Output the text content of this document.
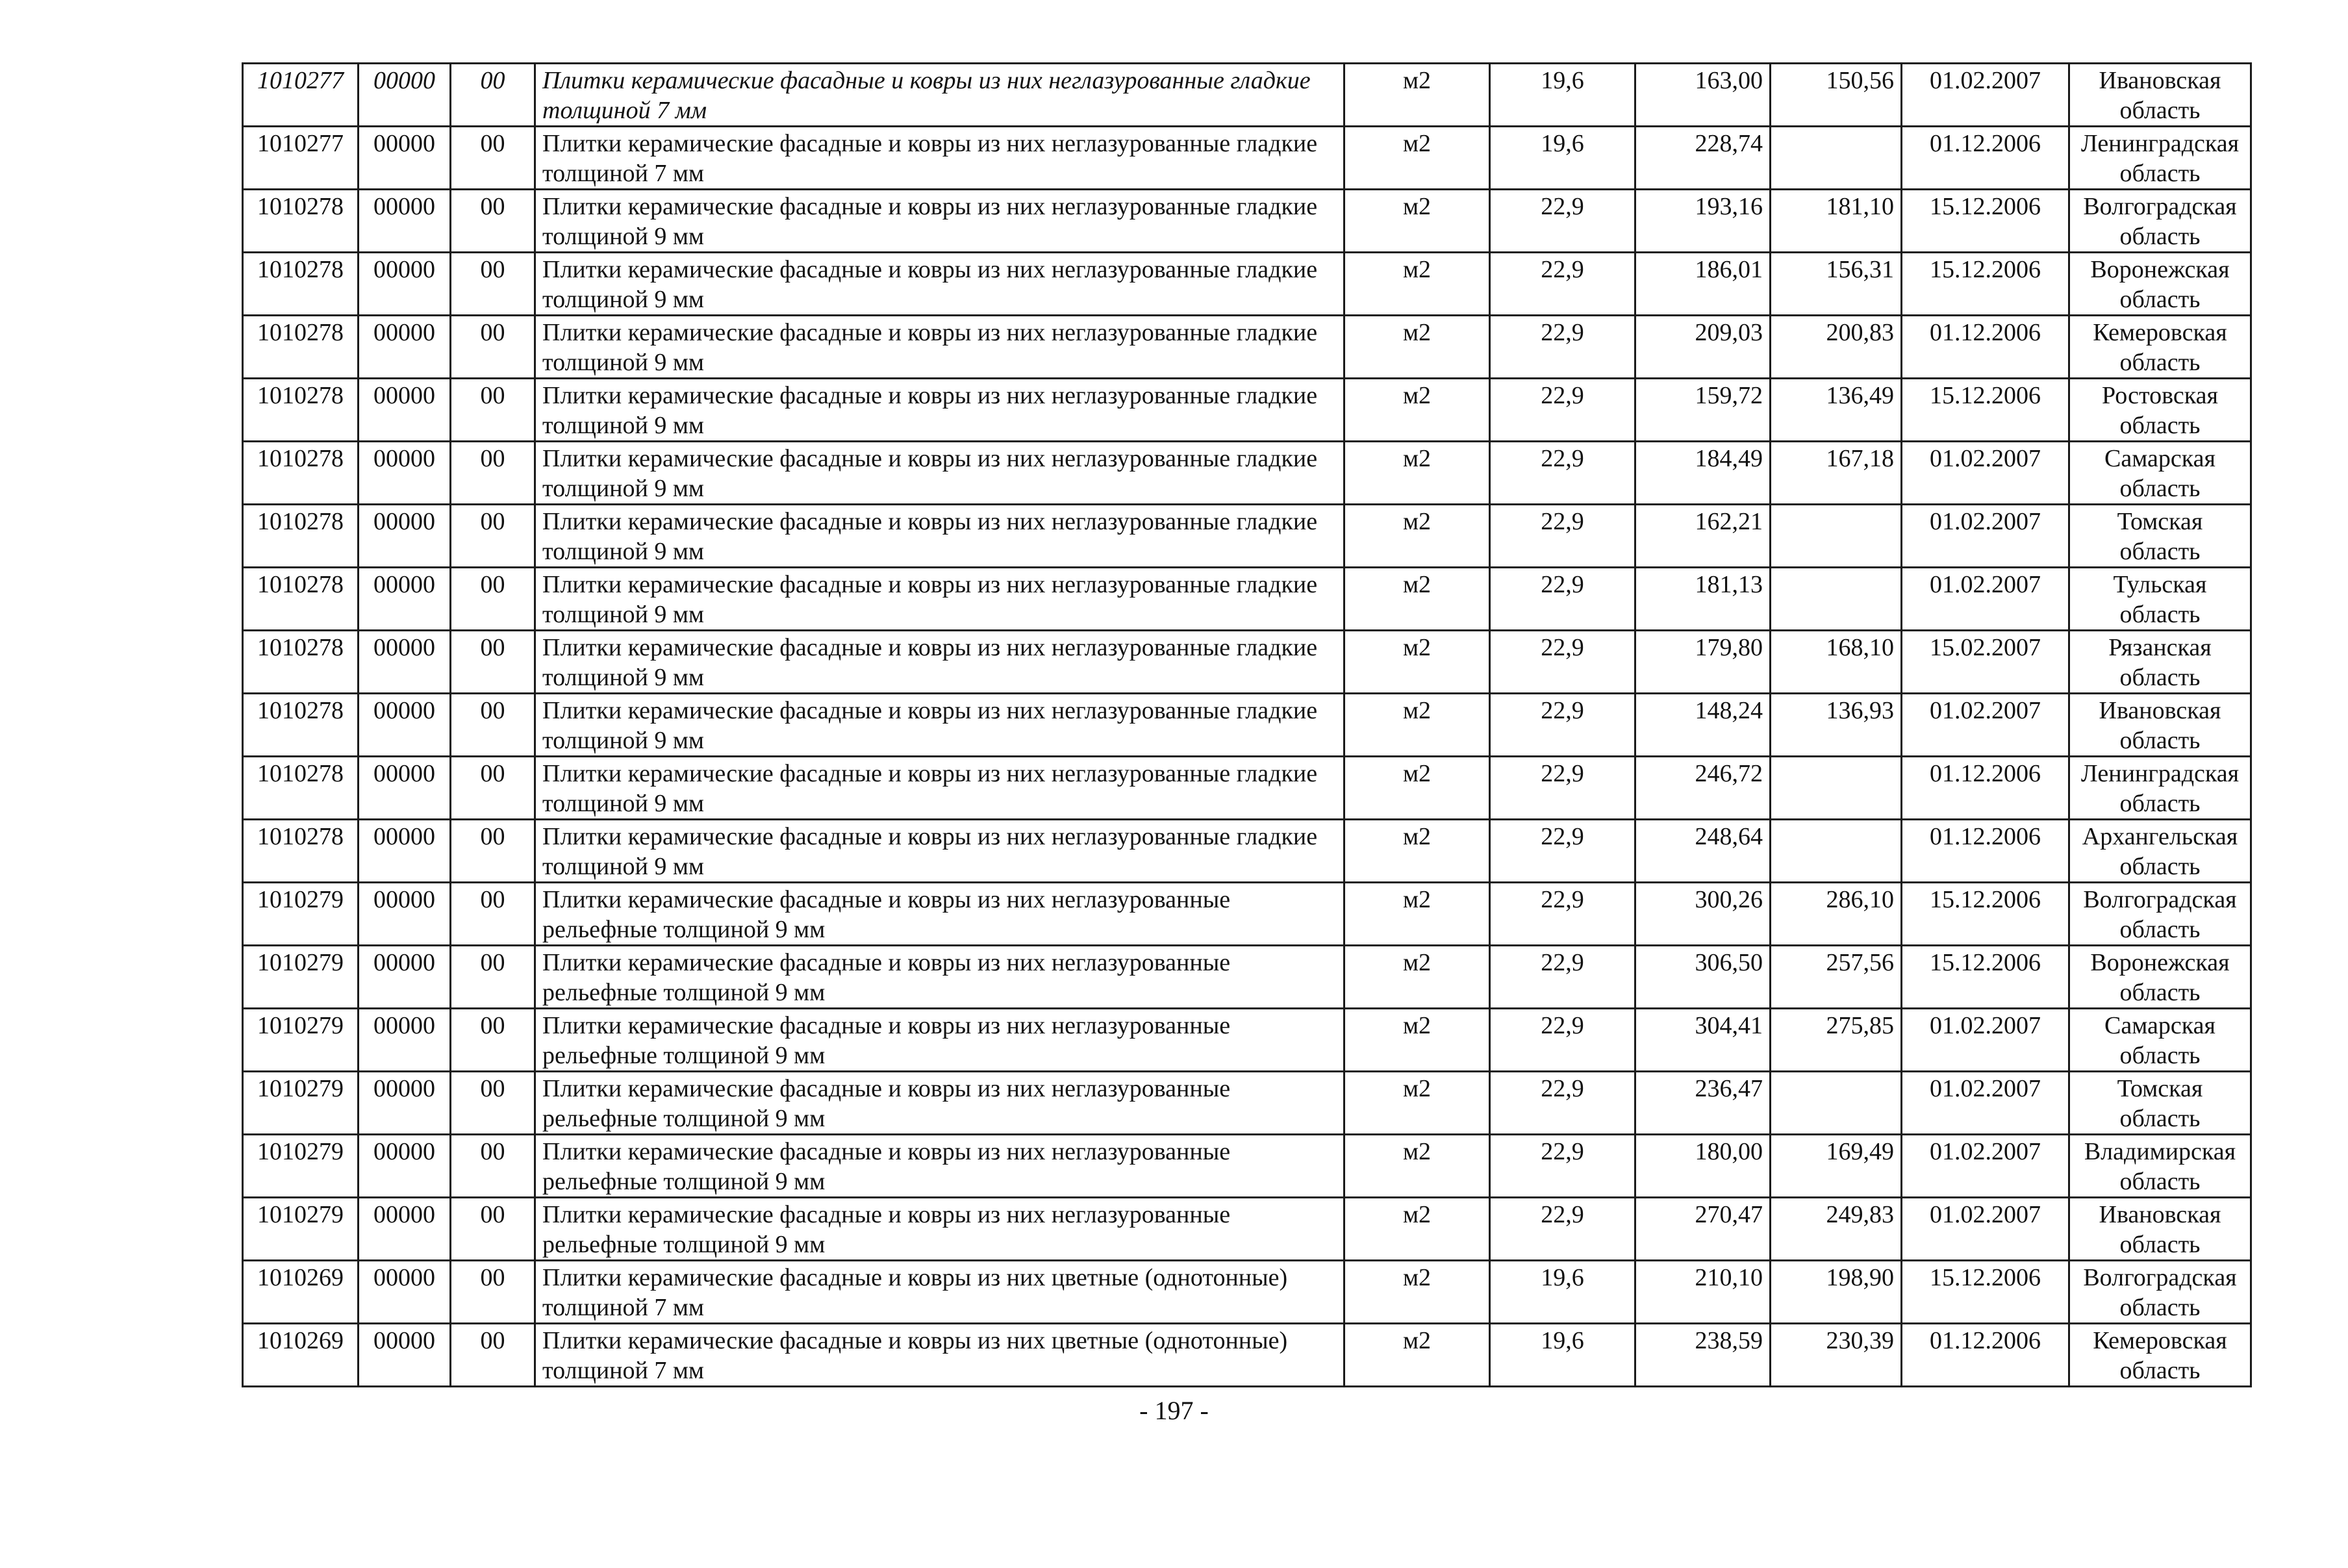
1010277	00000	00	Плитки керамические фасадные и ковры из них неглазурованные гладкие толщиной 7 мм	м2	19,6	163,00	150,56	01.02.2007	Ивановская область
1010277	00000	00	Плитки керамические фасадные и ковры из них неглазурованные гладкие толщиной 7 мм	м2	19,6	228,74		01.12.2006	Ленинградская область
1010278	00000	00	Плитки керамические фасадные и ковры из них неглазурованные гладкие толщиной 9 мм	м2	22,9	193,16	181,10	15.12.2006	Волгоградская область
1010278	00000	00	Плитки керамические фасадные и ковры из них неглазурованные гладкие толщиной 9 мм	м2	22,9	186,01	156,31	15.12.2006	Воронежская область
1010278	00000	00	Плитки керамические фасадные и ковры из них неглазурованные гладкие толщиной 9 мм	м2	22,9	209,03	200,83	01.12.2006	Кемеровская область
1010278	00000	00	Плитки керамические фасадные и ковры из них неглазурованные гладкие толщиной 9 мм	м2	22,9	159,72	136,49	15.12.2006	Ростовская область
1010278	00000	00	Плитки керамические фасадные и ковры из них неглазурованные гладкие толщиной 9 мм	м2	22,9	184,49	167,18	01.02.2007	Самарская область
1010278	00000	00	Плитки керамические фасадные и ковры из них неглазурованные гладкие толщиной 9 мм	м2	22,9	162,21		01.02.2007	Томская область
1010278	00000	00	Плитки керамические фасадные и ковры из них неглазурованные гладкие толщиной 9 мм	м2	22,9	181,13		01.02.2007	Тульская область
1010278	00000	00	Плитки керамические фасадные и ковры из них неглазурованные гладкие толщиной 9 мм	м2	22,9	179,80	168,10	15.02.2007	Рязанская область
1010278	00000	00	Плитки керамические фасадные и ковры из них неглазурованные гладкие толщиной 9 мм	м2	22,9	148,24	136,93	01.02.2007	Ивановская область
1010278	00000	00	Плитки керамические фасадные и ковры из них неглазурованные гладкие толщиной 9 мм	м2	22,9	246,72		01.12.2006	Ленинградская область
1010278	00000	00	Плитки керамические фасадные и ковры из них неглазурованные гладкие толщиной 9 мм	м2	22,9	248,64		01.12.2006	Архангельская область
1010279	00000	00	Плитки керамические фасадные и ковры из них неглазурованные рельефные толщиной 9 мм	м2	22,9	300,26	286,10	15.12.2006	Волгоградская область
1010279	00000	00	Плитки керамические фасадные и ковры из них неглазурованные рельефные толщиной 9 мм	м2	22,9	306,50	257,56	15.12.2006	Воронежская область
1010279	00000	00	Плитки керамические фасадные и ковры из них неглазурованные рельефные толщиной 9 мм	м2	22,9	304,41	275,85	01.02.2007	Самарская область
1010279	00000	00	Плитки керамические фасадные и ковры из них неглазурованные рельефные толщиной 9 мм	м2	22,9	236,47		01.02.2007	Томская область
1010279	00000	00	Плитки керамические фасадные и ковры из них неглазурованные рельефные толщиной 9 мм	м2	22,9	180,00	169,49	01.02.2007	Владимирская область
1010279	00000	00	Плитки керамические фасадные и ковры из них неглазурованные рельефные толщиной 9 мм	м2	22,9	270,47	249,83	01.02.2007	Ивановская область
1010269	00000	00	Плитки керамические фасадные и ковры из них цветные (однотонные) толщиной 7 мм	м2	19,6	210,10	198,90	15.12.2006	Волгоградская область
1010269	00000	00	Плитки керамические фасадные и ковры из них цветные (однотонные) толщиной 7 мм	м2	19,6	238,59	230,39	01.12.2006	Кемеровская область
- 197 -
